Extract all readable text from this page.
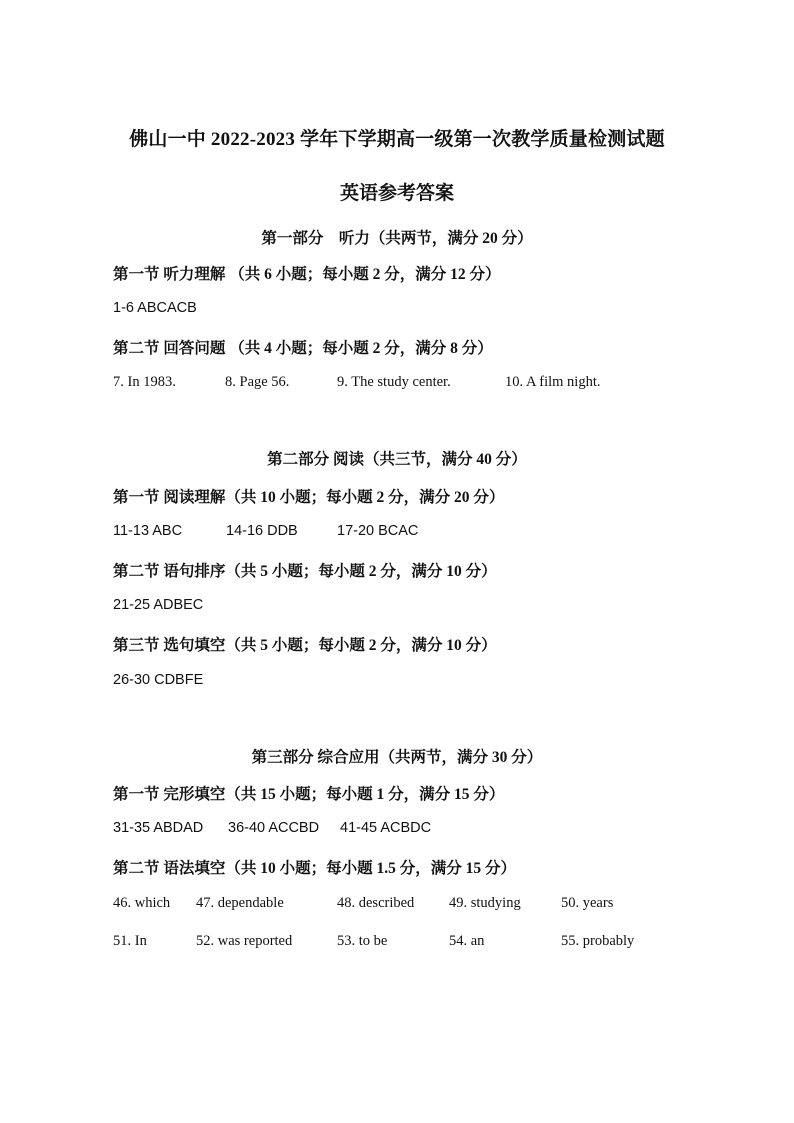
佛山一中 2022-2023 学年下学期高一级第一次教学质量检测试题
英语参考答案
第一部分　听力（共两节，满分 20 分）
第一节 听力理解 （共 6 小题；每小题 2 分，满分 12 分）
1-6 ABCACB
第二节 回答问题 （共 4 小题；每小题 2 分，满分 8 分）
7. In 1983.	8. Page 56.	9. The study center.	10. A film night.
第二部分 阅读（共三节，满分 40 分）
第一节 阅读理解（共 10 小题；每小题 2 分，满分 20 分）
11-13 ABC	14-16 DDB	17-20 BCAC
第二节 语句排序（共 5 小题；每小题 2 分，满分 10 分）
21-25 ADBEC
第三节 选句填空（共 5 小题；每小题 2 分，满分 10 分）
26-30 CDBFE
第三部分 综合应用（共两节，满分 30 分）
第一节 完形填空（共 15 小题；每小题 1 分，满分 15 分）
31-35 ABDAD 36-40 ACCBD 41-45 ACBDC
第二节 语法填空（共 10 小题；每小题 1.5 分，满分 15 分）
46. which 47. dependable	48. described 49. studying	50. years
51. In	52. was reported	53. to be	54. an	55. probably
